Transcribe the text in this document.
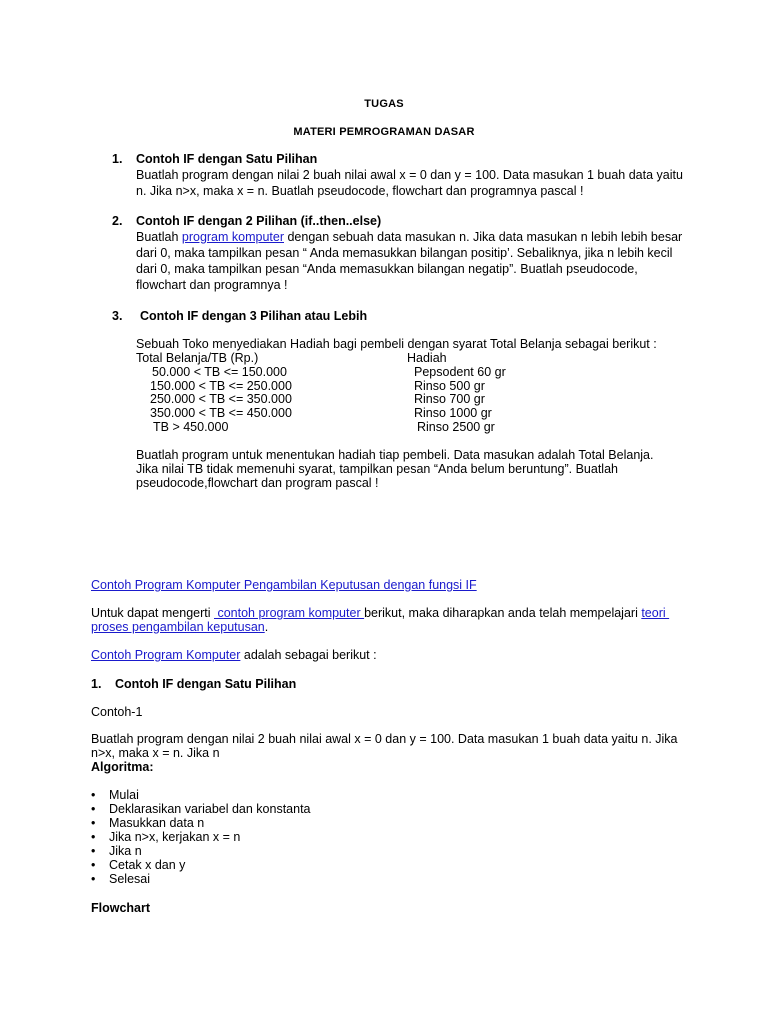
TUGAS
MATERI PEMROGRAMAN DASAR
1. Contoh IF dengan Satu Pilihan
Buatlah program dengan nilai 2 buah nilai awal x = 0 dan y = 100. Data masukan 1 buah data yaitu
n. Jika n>x, maka x = n. Buatlah pseudocode, flowchart dan programnya pascal !
2. Contoh IF dengan 2 Pilihan (if..then..else)
Buatlah program komputer dengan sebuah data masukan n. Jika data masukan n lebih lebih besar
dari 0, maka tampilkan pesan “ Anda memasukkan bilangan positip’. Sebaliknya, jika n lebih kecil
dari 0, maka tampilkan pesan “Anda memasukkan bilangan negatip”. Buatlah pseudocode,
flowchart dan programnya !
3. Contoh IF dengan 3 Pilihan atau Lebih
Sebuah Toko menyediakan Hadiah bagi pembeli dengan syarat Total Belanja sebagai berikut :
Total Belanja/TB (Rp.)	Hadiah
50.000 < TB <= 150.000	Pepsodent 60 gr
150.000 < TB <= 250.000	Rinso 500 gr
250.000 < TB <= 350.000	Rinso 700 gr
350.000 < TB <= 450.000	Rinso 1000 gr
TB > 450.000	Rinso 2500 gr
Buatlah program untuk menentukan hadiah tiap pembeli. Data masukan adalah Total Belanja.
Jika nilai TB tidak memenuhi syarat, tampilkan pesan “Anda belum beruntung”. Buatlah
pseudocode,flowchart dan program pascal !
Contoh Program Komputer Pengambilan Keputusan dengan fungsi IF
Untuk dapat mengerti  contoh program komputer berikut, maka diharapkan anda telah mempelajari teori
proses pengambilan keputusan.
Contoh Program Komputer adalah sebagai berikut :
1. Contoh IF dengan Satu Pilihan
Contoh-1
Buatlah program dengan nilai 2 buah nilai awal x = 0 dan y = 100. Data masukan 1 buah data yaitu n. Jika
n>x, maka x = n. Jika n
Algoritma:
• Mulai
• Deklarasikan variabel dan konstanta
• Masukkan data n
• Jika n>x, kerjakan x = n
• Jika n
• Cetak x dan y
• Selesai
Flowchart
